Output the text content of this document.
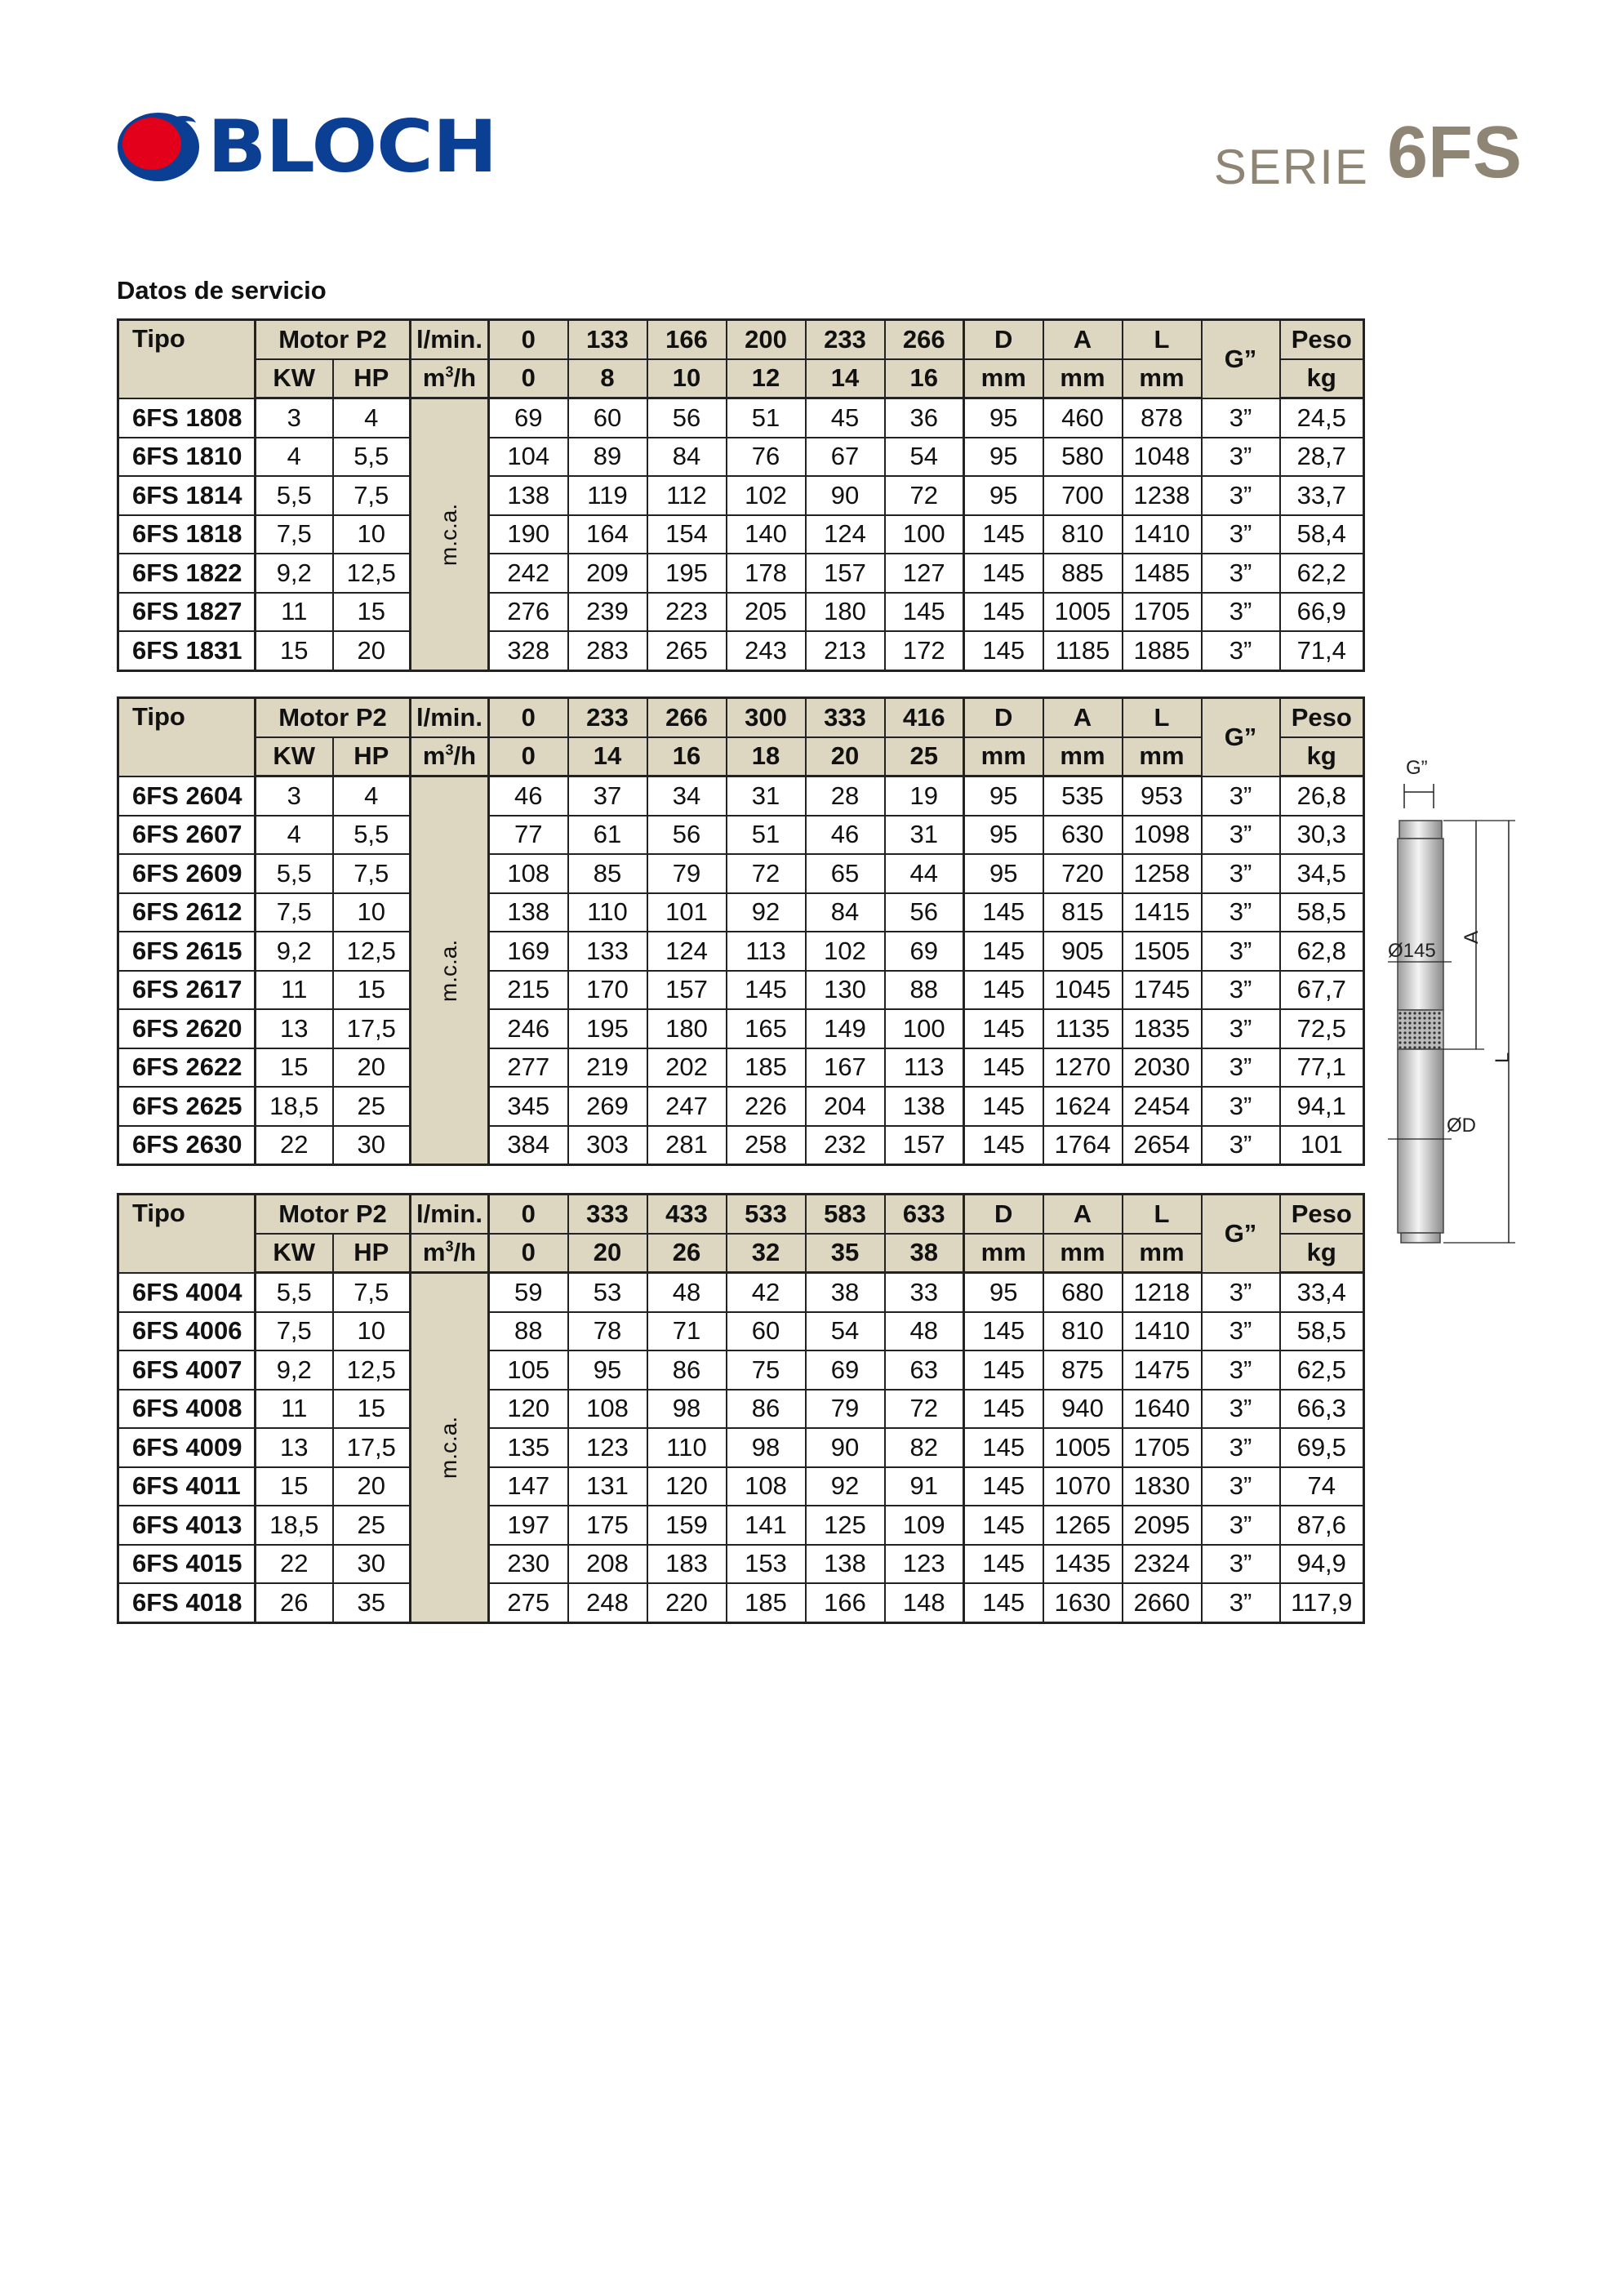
BLOCH	SERIE 6FS
Datos de servicio
Tipo	Motor P2		l/min.	0	133	166	200	233	266	D	A	L	G”	Peso
	KW	HP	$m^3/h$	0	8	10	12	14	16	mm	mm	mm		kg
6FS 1808	3	4	m.c.a.	69	60	56	51	45	36	95	460	878	3”	24,5
6FS 1810	4	5,5		104	89	84	76	67	54	95	580	1048	3”	28,7
6FS 1814	5,5	7,5		138	119	112	102	90	72	95	700	1238	3”	33,7
6FS 1818	7,5	10		190	164	154	140	124	100	145	810	1410	3”	58,4
6FS 1822	9,2	12,5		242	209	195	178	157	127	145	885	1485	3”	62,2
6FS 1827	11	15		276	239	223	205	180	145	145	1005	1705	3”	66,9
6FS 1831	15	20		328	283	265	243	213	172	145	1185	1885	3”	71,4
Tipo	Motor P2		l/min.	0	233	266	300	333	416	D	A	L	G”	Peso
	KW	HP	$m^3/h$	0	14	16	18	20	25	mm	mm	mm		kg
6FS 2604	3	4	m.c.a.	46	37	34	31	28	19	95	535	953	3”	26,8
6FS 2607	4	5,5		77	61	56	51	46	31	95	630	1098	3”	30,3
6FS 2609	5,5	7,5		108	85	79	72	65	44	95	720	1258	3”	34,5
6FS 2612	7,5	10		138	110	101	92	84	56	145	815	1415	3”	58,5
6FS 2615	9,2	12,5		169	133	124	113	102	69	145	905	1505	3”	62,8
6FS 2617	11	15		215	170	157	145	130	88	145	1045	1745	3”	67,7
6FS 2620	13	17,5		246	195	180	165	149	100	145	1135	1835	3”	72,5
6FS 2622	15	20		277	219	202	185	167	113	145	1270	2030	3”	77,1
6FS 2625	18,5	25		345	269	247	226	204	138	145	1624	2454	3”	94,1
6FS 2630	22	30		384	303	281	258	232	157	145	1764	2654	3”	101
Tipo	Motor P2		l/min.	0	333	433	533	583	633	D	A	L	G”	Peso
	KW	HP	$m^3/h$	0	20	26	32	35	38	mm	mm	mm		kg
6FS 4004	5,5	7,5	m.c.a.	59	53	48	42	38	33	95	680	1218	3”	33,4
6FS 4006	7,5	10		88	78	71	60	54	48	145	810	1410	3”	58,5
6FS 4007	9,2	12,5		105	95	86	75	69	63	145	875	1475	3”	62,5
6FS 4008	11	15		120	108	98	86	79	72	145	940	1640	3”	66,3
6FS 4009	13	17,5		135	123	110	98	90	82	145	1005	1705	3”	69,5
6FS 4011	15	20		147	131	120	108	92	91	145	1070	1830	3”	74
6FS 4013	18,5	25		197	175	159	141	125	109	145	1265	2095	3”	87,6
6FS 4015	22	30		230	208	183	153	138	123	145	1435	2324	3”	94,9
6FS 4018	26	35		275	248	220	185	166	148	145	1630	2660	3”	117,9
G”
A
L
Ø145
ØD
